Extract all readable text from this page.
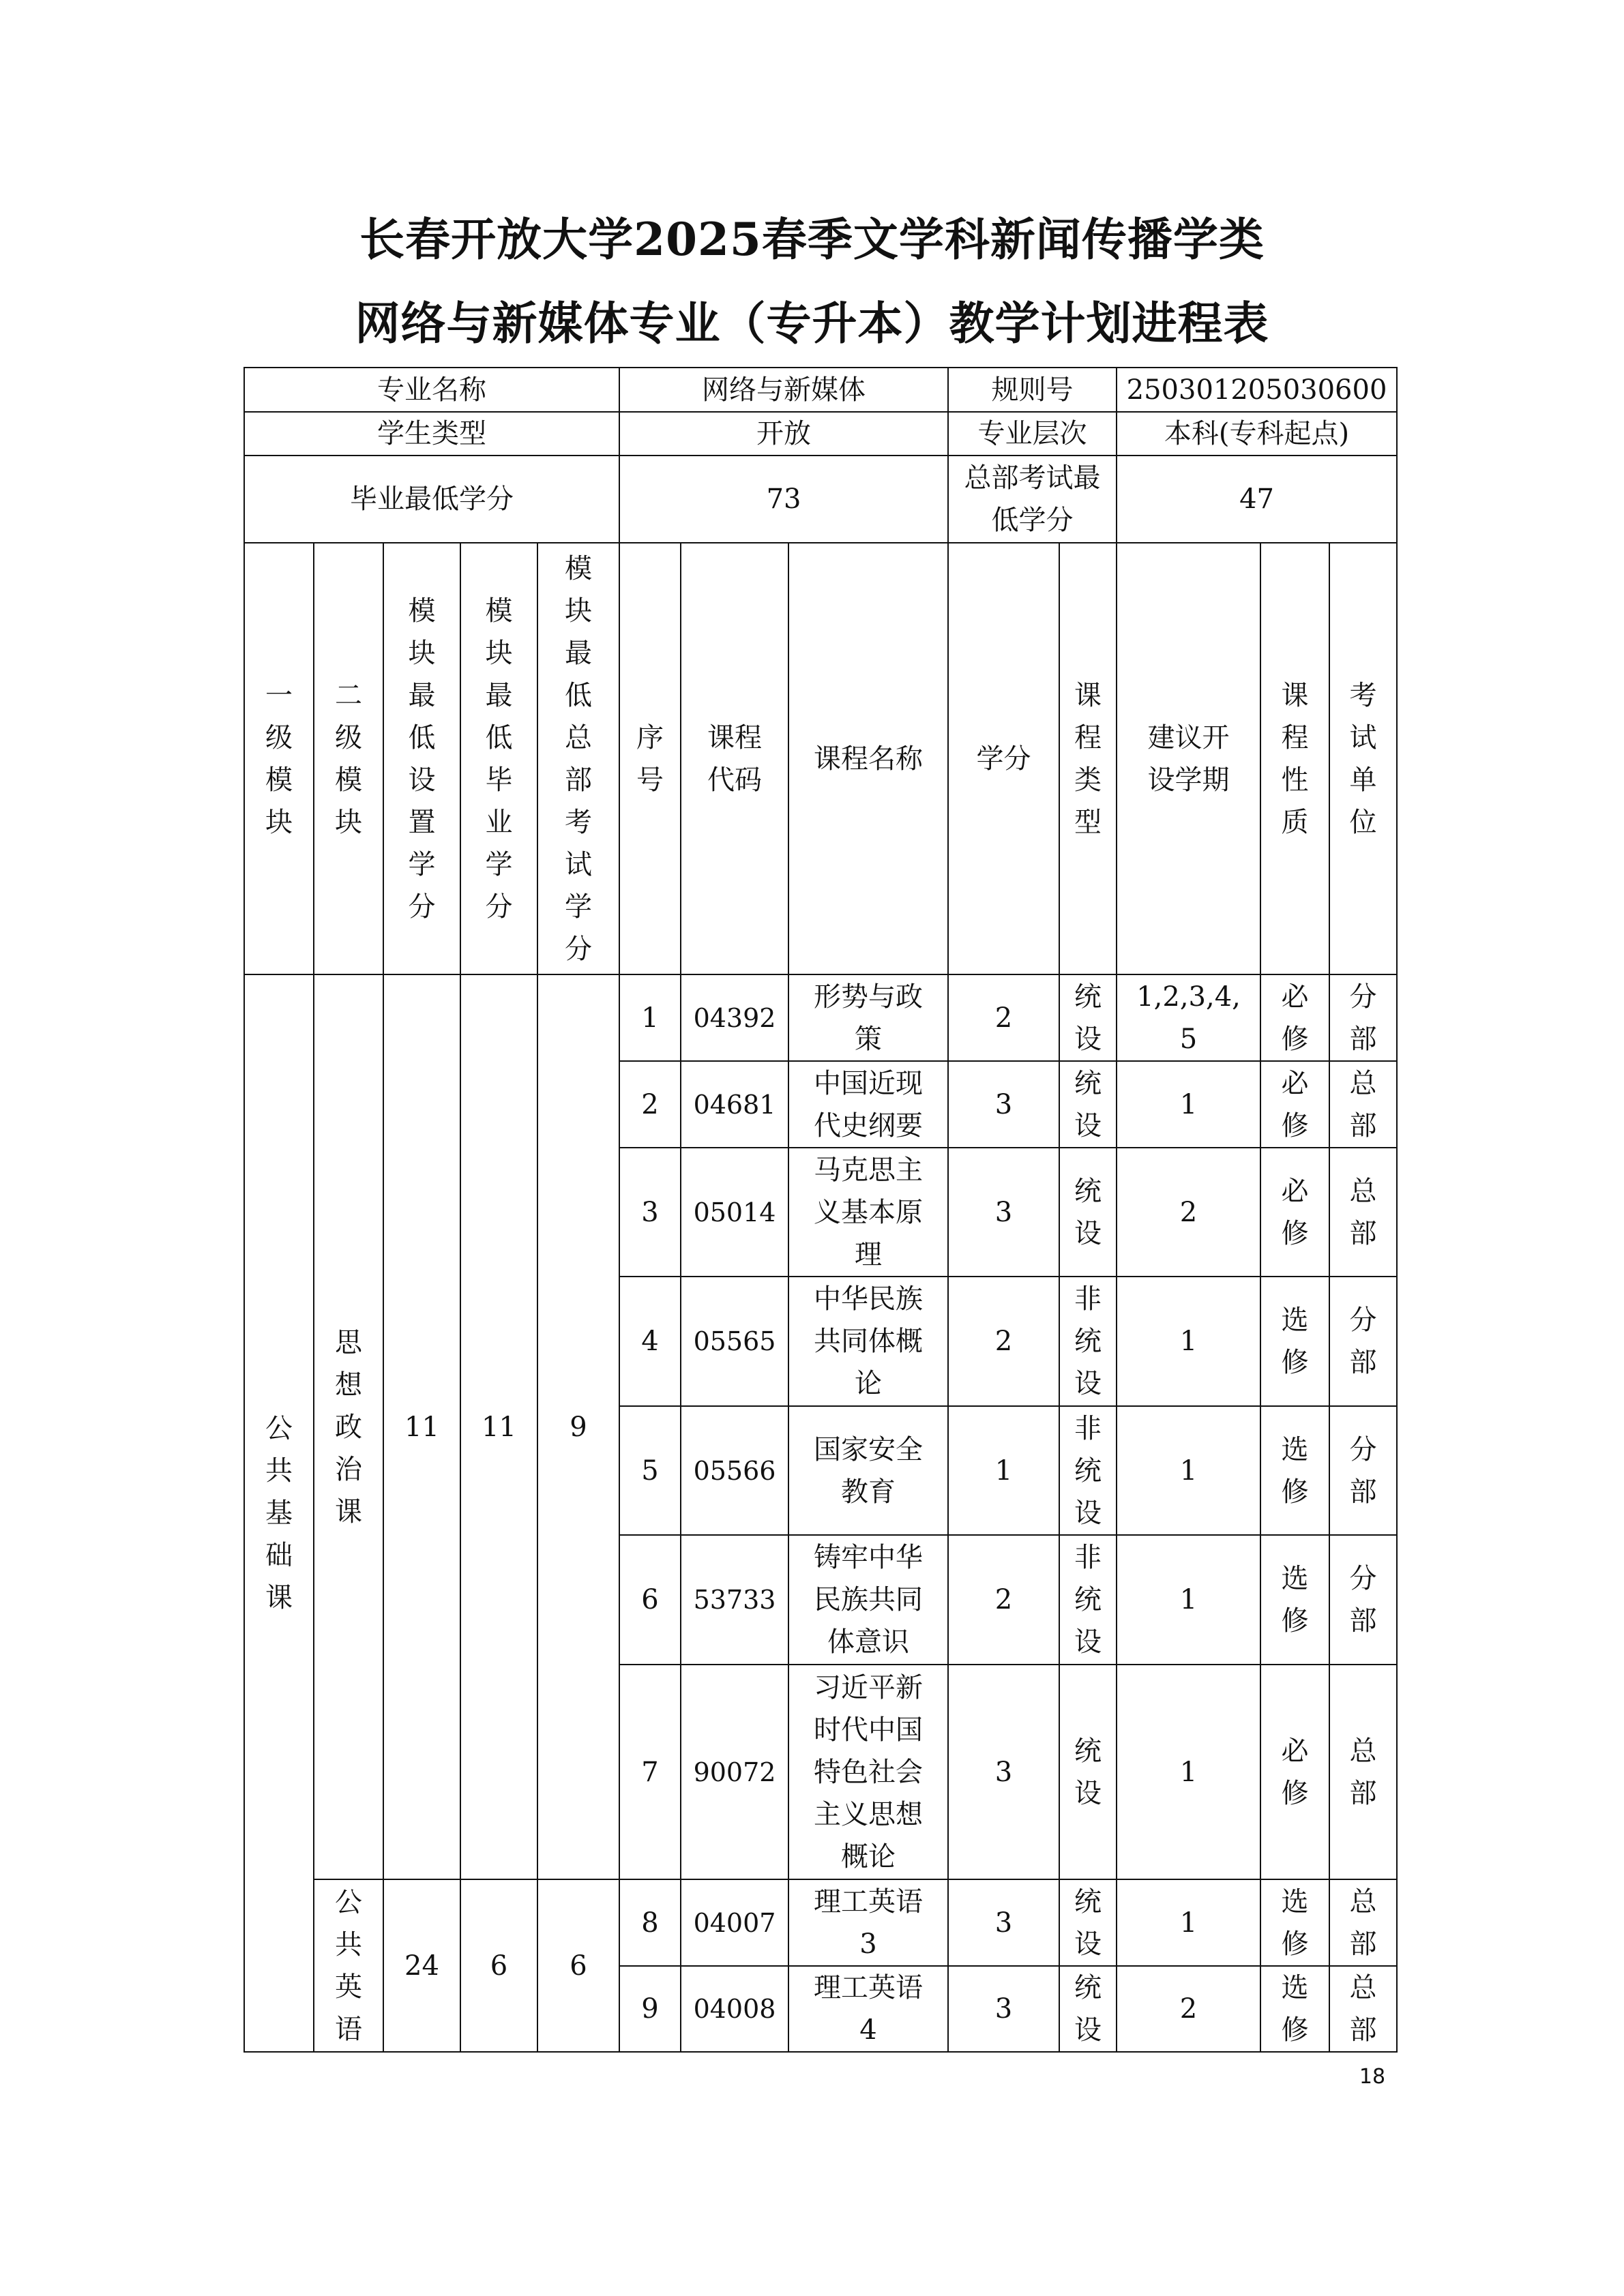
长春开放大学2025春季文学科新闻传播学类
网络与新媒体专业（专升本）教学计划进程表
专业名称					网络与新媒体			规则号		250301205030600		
学生类型					开放			专业层次		本科(专科起点)		
毕业最低学分					73			总部考试最低学分		47		
一级模块	二级模块	模块最低设置学分	模块最低毕业学分	模块最低总部考试学分	序号	课程代码	课程名称	学分	课程类型	建议开设学期	课程性质	考试单位
公共基础课	思想政治课	11	11	9	1	04392	形势与政策	2	统设	1,2,3,4,5	必修	分部
					2	04681	中国近现代史纲要	3	统设	1	必修	总部
					3	05014	马克思主义基本原理	3	统设	2	必修	总部
					4	05565	中华民族共同体概论	2	非统设	1	选修	分部
					5	05566	国家安全教育	1	非统设	1	选修	分部
					6	53733	铸牢中华民族共同体意识	2	非统设	1	选修	分部
					7	90072	习近平新时代中国特色社会主义思想概论	3	统设	1	必修	总部
	公共英语	24	6	6	8	04007	理工英语3	3	统设	1	选修	总部
					9	04008	理工英语4	3	统设	2	选修	总部
18
